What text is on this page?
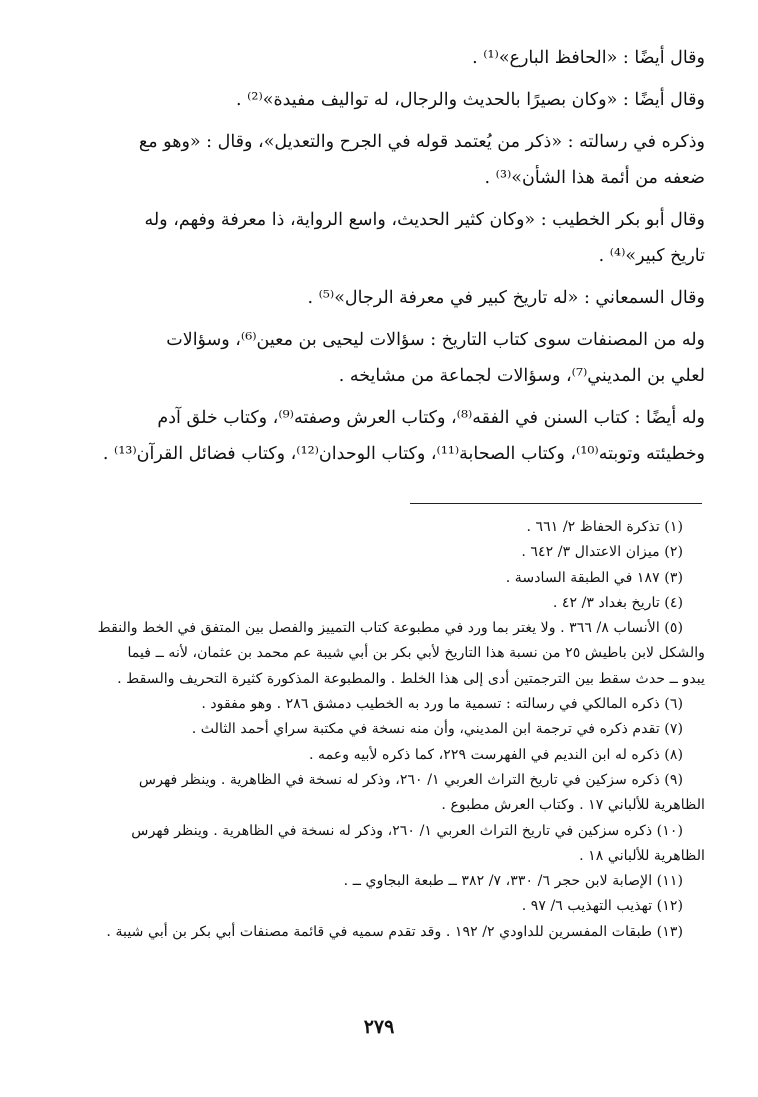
وقال أيضًا : «الحافظ البارع»⁽¹⁾ .

وقال أيضًا : «وكان بصيرًا بالحديث والرجال، له تواليف مفيدة»⁽²⁾ .

وذكره في رسالته : «ذكر من يُعتمد قوله في الجرح والتعديل»، وقال : «وهو مع
ضعفه من أئمة هذا الشأن»⁽³⁾ .

وقال أبو بكر الخطيب : «وكان كثير الحديث، واسع الرواية، ذا معرفة وفهم، وله
تاريخ كبير»⁽⁴⁾ .

وقال السمعاني : «له تاريخ كبير في معرفة الرجال»⁽⁵⁾ .

وله من المصنفات سوى كتاب التاريخ : سؤالات ليحيى بن معين⁽⁶⁾، وسؤالات
لعلي بن المديني⁽⁷⁾، وسؤالات لجماعة من مشايخه .

وله أيضًا : كتاب السنن في الفقه⁽⁸⁾، وكتاب العرش وصفته⁽⁹⁾، وكتاب خلق آدم
وخطيئته وتوبته⁽¹⁰⁾، وكتاب الصحابة⁽¹¹⁾، وكتاب الوحدان⁽¹²⁾، وكتاب فضائل القرآن⁽¹³⁾ .

(١) تذكرة الحفاظ ٢/ ٦٦١ .

(٢) ميزان الاعتدال ٣/ ٦٤٢ .

(٣) ١٨٧ في الطبقة السادسة .

(٤) تاريخ بغداد ٣/ ٤٢ .

(٥) الأنساب ٨/ ٣٦٦ . ولا يغتر بما ورد في مطبوعة كتاب التمييز والفصل بين المتفق في الخط والنقط
والشكل لابن باطيش ٢٥ من نسبة هذا التاريخ لأبي بكر بن أبي شيبة عم محمد بن عثمان، لأنه ــ فيما
يبدو ــ حدث سقط بين الترجمتين أدى إلى هذا الخلط . والمطبوعة المذكورة كثيرة التحريف والسقط .

(٦) ذكره المالكي في رسالته : تسمية ما ورد به الخطيب دمشق ٢٨٦ . وهو مفقود .

(٧) تقدم ذكره في ترجمة ابن المديني، وأن منه نسخة في مكتبة سراي أحمد الثالث .

(٨) ذكره له ابن النديم في الفهرست ٢٢٩، كما ذكره لأبيه وعمه .

(٩) ذكره سزكين في تاريخ التراث العربي ١/ ٢٦٠، وذكر له نسخة في الظاهرية . وينظر فهرس
الظاهرية للألباني ١٧ . وكتاب العرش مطبوع .

(١٠) ذكره سزكين في تاريخ التراث العربي ١/ ٢٦٠، وذكر له نسخة في الظاهرية . وينظر فهرس
الظاهرية للألباني ١٨ .

(١١) الإصابة لابن حجر ٦/ ٣٣٠، ٧/ ٣٨٢ ــ طبعة البجاوي ــ .

(١٢) تهذيب التهذيب ٦/ ٩٧ .

(١٣) طبقات المفسرين للداودي ٢/ ١٩٢ . وقد تقدم سميه في قائمة مصنفات أبي بكر بن أبي شيبة .

٢٧٩
